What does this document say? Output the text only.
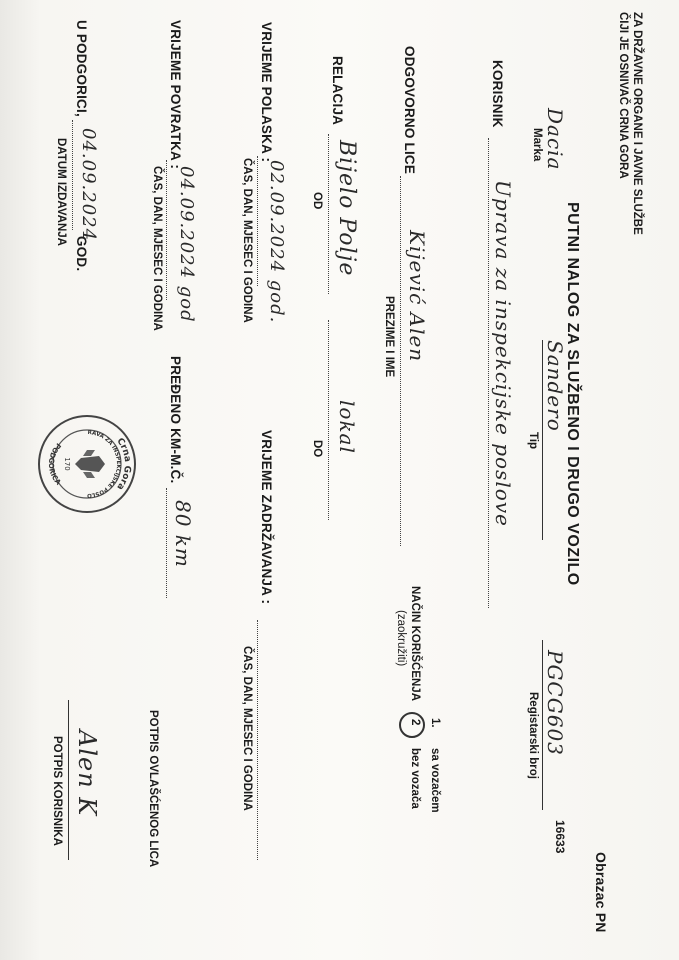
ZA DRŽAVNE ORGANE I JAVNE SLUŽBE
ČIJI JE OSNIVAČ CRNA GORA
Obrazac PN
PUTNI NALOG ZA SLUŽBENO I DRUGO VOZILO
16633
Dacia
Marka
Sandero
Tip
PGCG603
Registarski broj
KORISNIK
Uprava za inspekcijske poslove
NAČIN KORIŠĆENJA
(zaokružiti)
1.
sa vozačem
2
bez vozača
ODGOVORNO LICE
Kijević Alen
PREZIME I IME
RELACIJA
Bijelo Polje
OD
lokal
DO
VRIJEME POLASKA :
02.09.2024 god.
ČAS, DAN, MJESEC I GODINA
VRIJEME ZADRŽAVANJA :
ČAS, DAN, MJESEC I GODINA
VRIJEME POVRATKA :
04.09.2024 god
ČAS, DAN, MJESEC I GODINA
PREĐENO KM-M.Č.
80 km
U PODGORICI,
04.09.2024
GOD.
DATUM IZDAVANJA
POTPIS OVLAŠĆENOG LICA
Alen K
POTPIS KORISNIKA
Crna Gora
RAVA ZA INSPEKCIJSKE POSLO
PODGORICA
170
